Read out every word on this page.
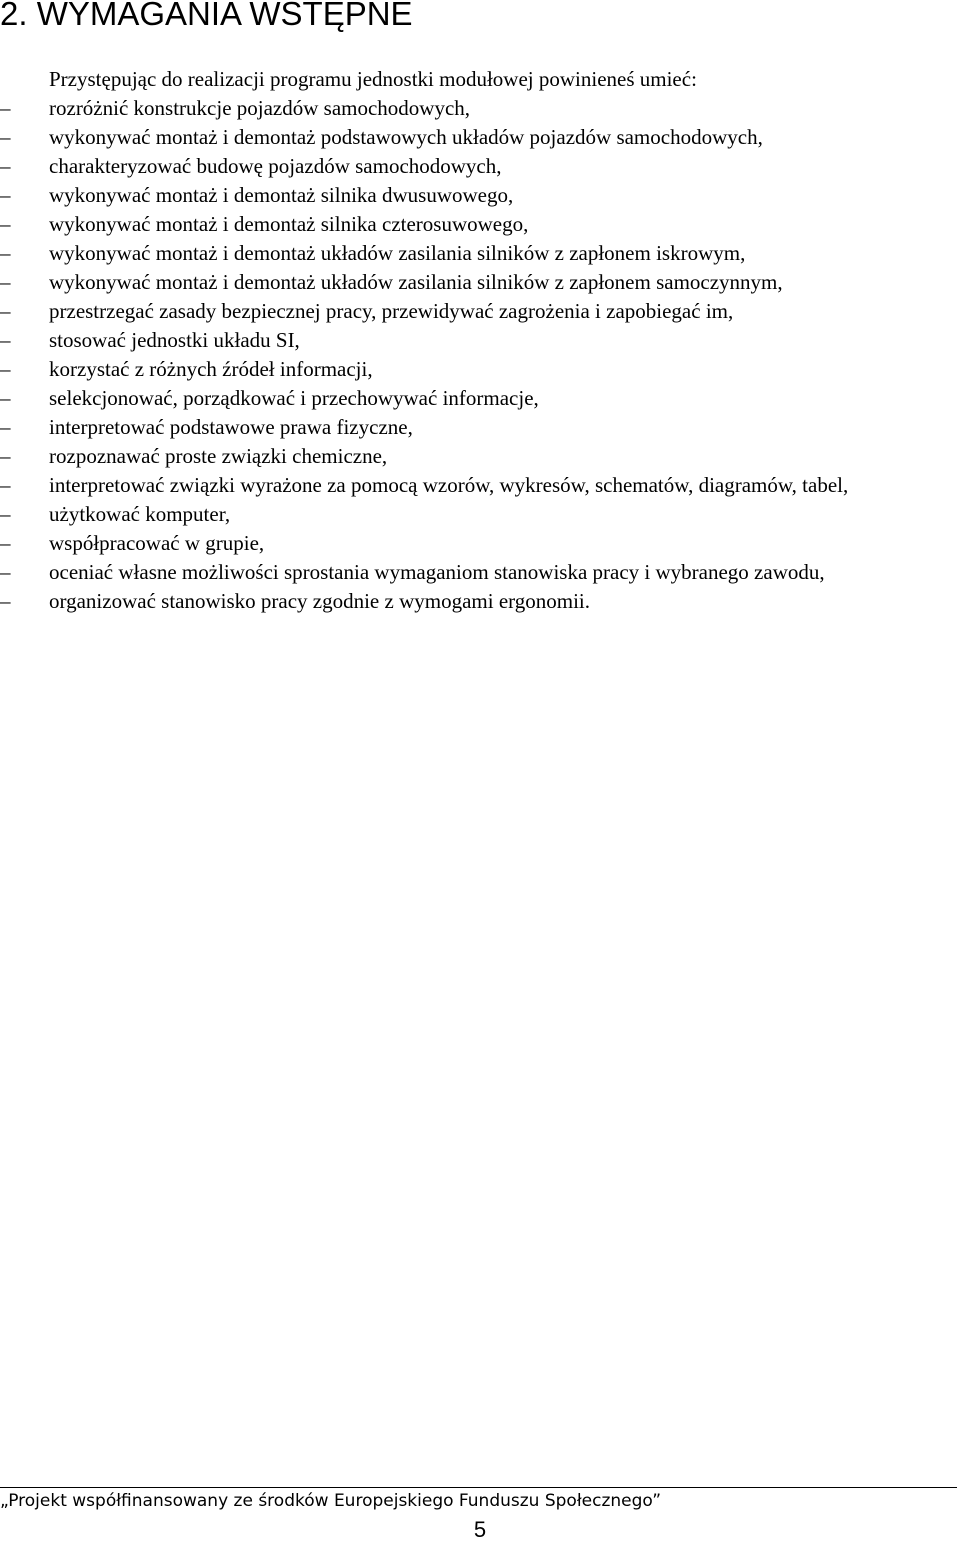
2. WYMAGANIA WSTĘPNE

Przystępując do realizacji programu jednostki modułowej powinieneś umieć:

–	rozróżnić konstrukcje pojazdów samochodowych,
–	wykonywać montaż i demontaż podstawowych układów pojazdów samochodowych,
–	charakteryzować budowę pojazdów samochodowych,
–	wykonywać montaż i demontaż silnika dwusuwowego,
–	wykonywać montaż i demontaż silnika czterosuwowego,
–	wykonywać montaż i demontaż układów zasilania silników z zapłonem iskrowym,
–	wykonywać montaż i demontaż układów zasilania silników z zapłonem samoczynnym,
–	przestrzegać zasady bezpiecznej pracy, przewidywać zagrożenia i zapobiegać im,
–	stosować jednostki układu SI,
–	korzystać z różnych źródeł informacji,
–	selekcjonować, porządkować i przechowywać informacje,
–	interpretować podstawowe prawa fizyczne,
–	rozpoznawać proste związki chemiczne,
–	interpretować związki wyrażone za pomocą wzorów, wykresów, schematów, diagramów, tabel,
–	użytkować komputer,
–	współpracować w grupie,
–	oceniać własne możliwości sprostania wymaganiom stanowiska pracy i wybranego zawodu,
–	organizować stanowisko pracy zgodnie z wymogami ergonomii.
„Projekt współfinansowany ze środków Europejskiego Funduszu Społecznego”
5
